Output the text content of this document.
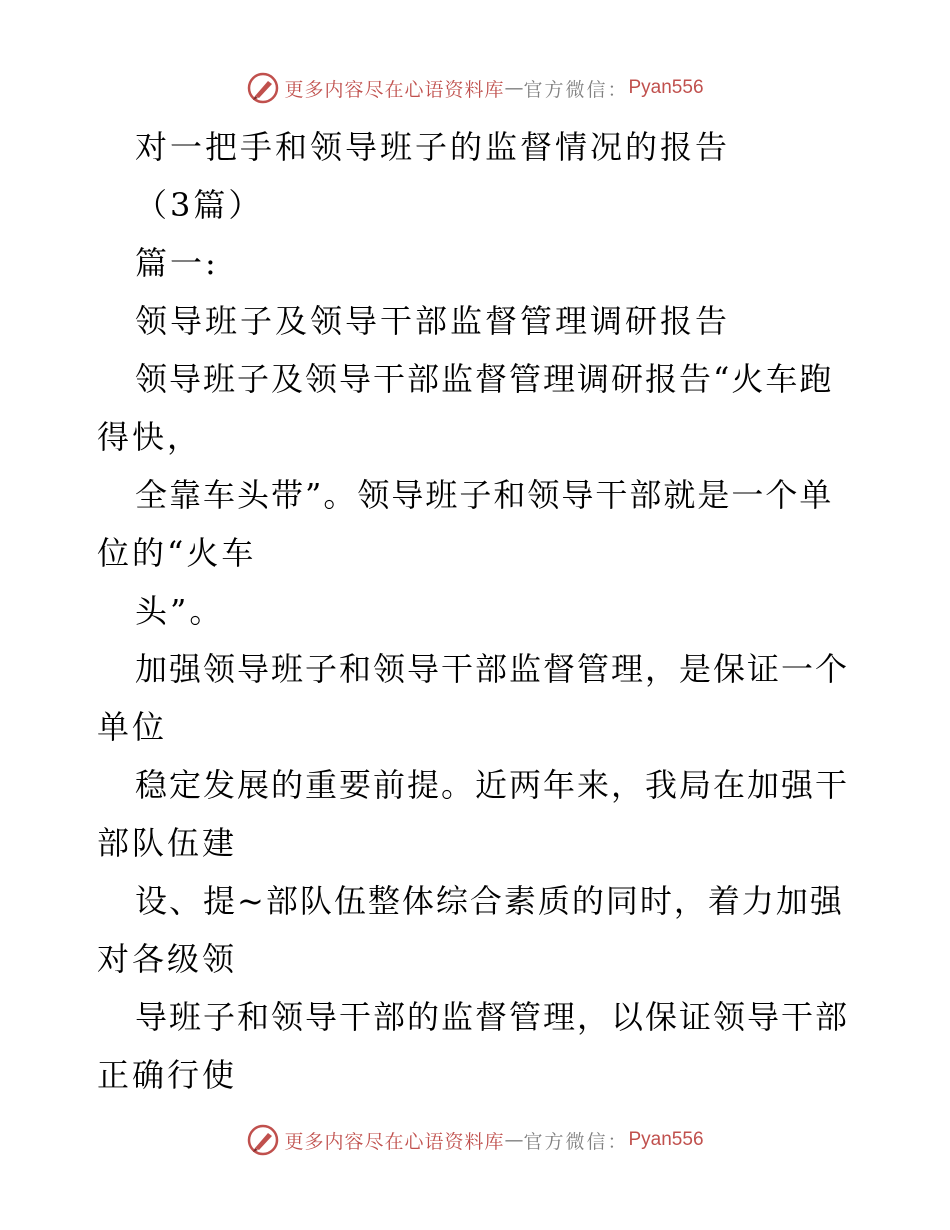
更多内容尽在心语资料库 — 官方微信： Pyan556
对一把手和领导班子的监督情况的报告
（3篇）
篇一:
领导班子及领导干部监督管理调研报告
领导班子及领导干部监督管理调研报告“火车跑
得快，
全靠车头带”。领导班子和领导干部就是一个单
位的“火车
头”。
加强领导班子和领导干部监督管理，是保证一个
单位
稳定发展的重要前提。近两年来，我局在加强干
部队伍建
设、提~部队伍整体综合素质的同时，着力加强
对各级领
导班子和领导干部的监督管理，以保证领导干部
正确行使
更多内容尽在心语资料库 — 官方微信： Pyan556
